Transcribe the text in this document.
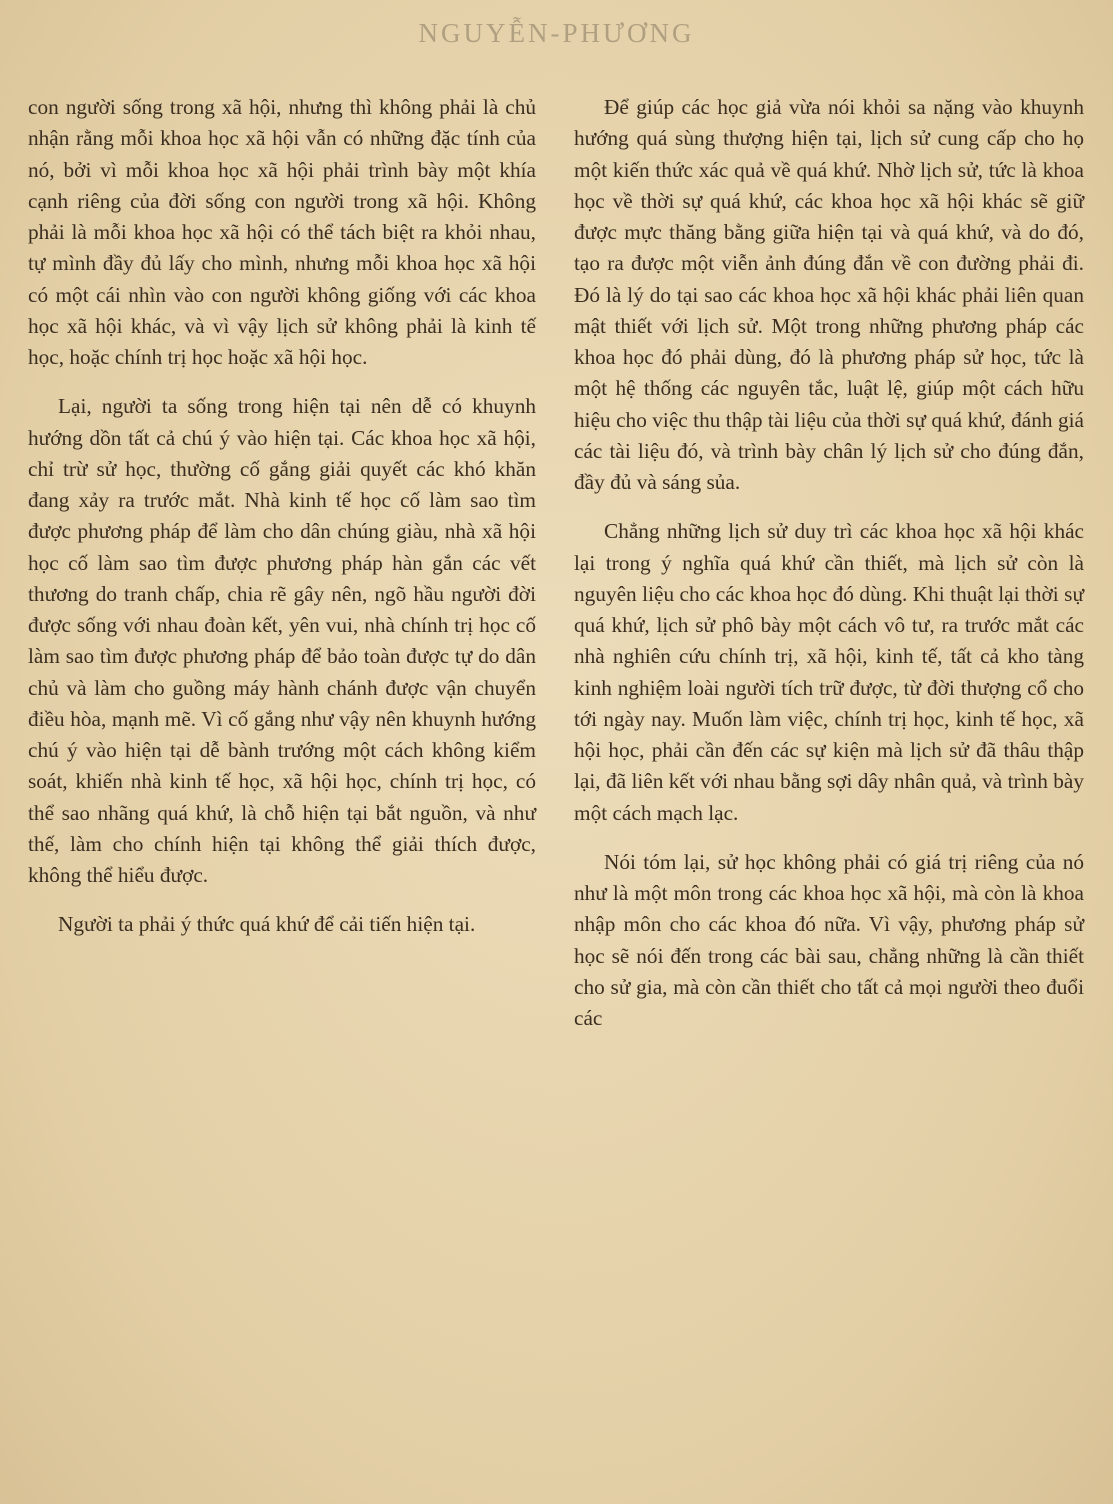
NGUYỄN-PHƯƠNG

con người sống trong xã hội, nhưng thì không phải là chủ nhận rằng mỗi khoa học xã hội vẫn có những đặc tính của nó, bởi vì mỗi khoa học xã hội phải trình bày một khía cạnh riêng của đời sống con người trong xã hội. Không phải là mỗi khoa học xã hội có thể tách biệt ra khỏi nhau, tự mình đầy đủ lấy cho mình, nhưng mỗi khoa học xã hội có một cái nhìn vào con người không giống với các khoa học xã hội khác, và vì vậy lịch sử không phải là kinh tế học, hoặc chính trị học hoặc xã hội học.

Lại, người ta sống trong hiện tại nên dễ có khuynh hướng dồn tất cả chú ý vào hiện tại. Các khoa học xã hội, chỉ trừ sử học, thường cố gắng giải quyết các khó khăn đang xảy ra trước mắt. Nhà kinh tế học cố làm sao tìm được phương pháp để làm cho dân chúng giàu, nhà xã hội học cố làm sao tìm được phương pháp hàn gắn các vết thương do tranh chấp, chia rẽ gây nên, ngõ hầu người đời được sống với nhau đoàn kết, yên vui, nhà chính trị học cố làm sao tìm được phương pháp để bảo toàn được tự do dân chủ và làm cho guồng máy hành chánh được vận chuyển điều hòa, mạnh mẽ. Vì cố gắng như vậy nên khuynh hướng chú ý vào hiện tại dễ bành trướng một cách không kiểm soát, khiến nhà kinh tế học, xã hội học, chính trị học, có thể sao nhãng quá khứ, là chỗ hiện tại bắt nguồn, và như thế, làm cho chính hiện tại không thể giải thích được, không thể hiểu được.

Người ta phải ý thức quá khứ để cải tiến hiện tại.

Để giúp các học giả vừa nói khỏi sa nặng vào khuynh hướng quá sùng thượng hiện tại, lịch sử cung cấp cho họ một kiến thức xác quả về quá khứ. Nhờ lịch sử, tức là khoa học về thời sự quá khứ, các khoa học xã hội khác sẽ giữ được mực thăng bằng giữa hiện tại và quá khứ, và do đó, tạo ra được một viễn ảnh đúng đắn về con đường phải đi. Đó là lý do tại sao các khoa học xã hội khác phải liên quan mật thiết với lịch sử. Một trong những phương pháp các khoa học đó phải dùng, đó là phương pháp sử học, tức là một hệ thống các nguyên tắc, luật lệ, giúp một cách hữu hiệu cho việc thu thập tài liệu của thời sự quá khứ, đánh giá các tài liệu đó, và trình bày chân lý lịch sử cho đúng đắn, đầy đủ và sáng sủa.

Chẳng những lịch sử duy trì các khoa học xã hội khác lại trong ý nghĩa quá khứ cần thiết, mà lịch sử còn là nguyên liệu cho các khoa học đó dùng. Khi thuật lại thời sự quá khứ, lịch sử phô bày một cách vô tư, ra trước mắt các nhà nghiên cứu chính trị, xã hội, kinh tế, tất cả kho tàng kinh nghiệm loài người tích trữ được, từ đời thượng cổ cho tới ngày nay. Muốn làm việc, chính trị học, kinh tế học, xã hội học, phải cần đến các sự kiện mà lịch sử đã thâu thập lại, đã liên kết với nhau bằng sợi dây nhân quả, và trình bày một cách mạch lạc.

Nói tóm lại, sử học không phải có giá trị riêng của nó như là một môn trong các khoa học xã hội, mà còn là khoa nhập môn cho các khoa đó nữa. Vì vậy, phương pháp sử học sẽ nói đến trong các bài sau, chẳng những là cần thiết cho sử gia, mà còn cần thiết cho tất cả mọi người theo đuổi các
